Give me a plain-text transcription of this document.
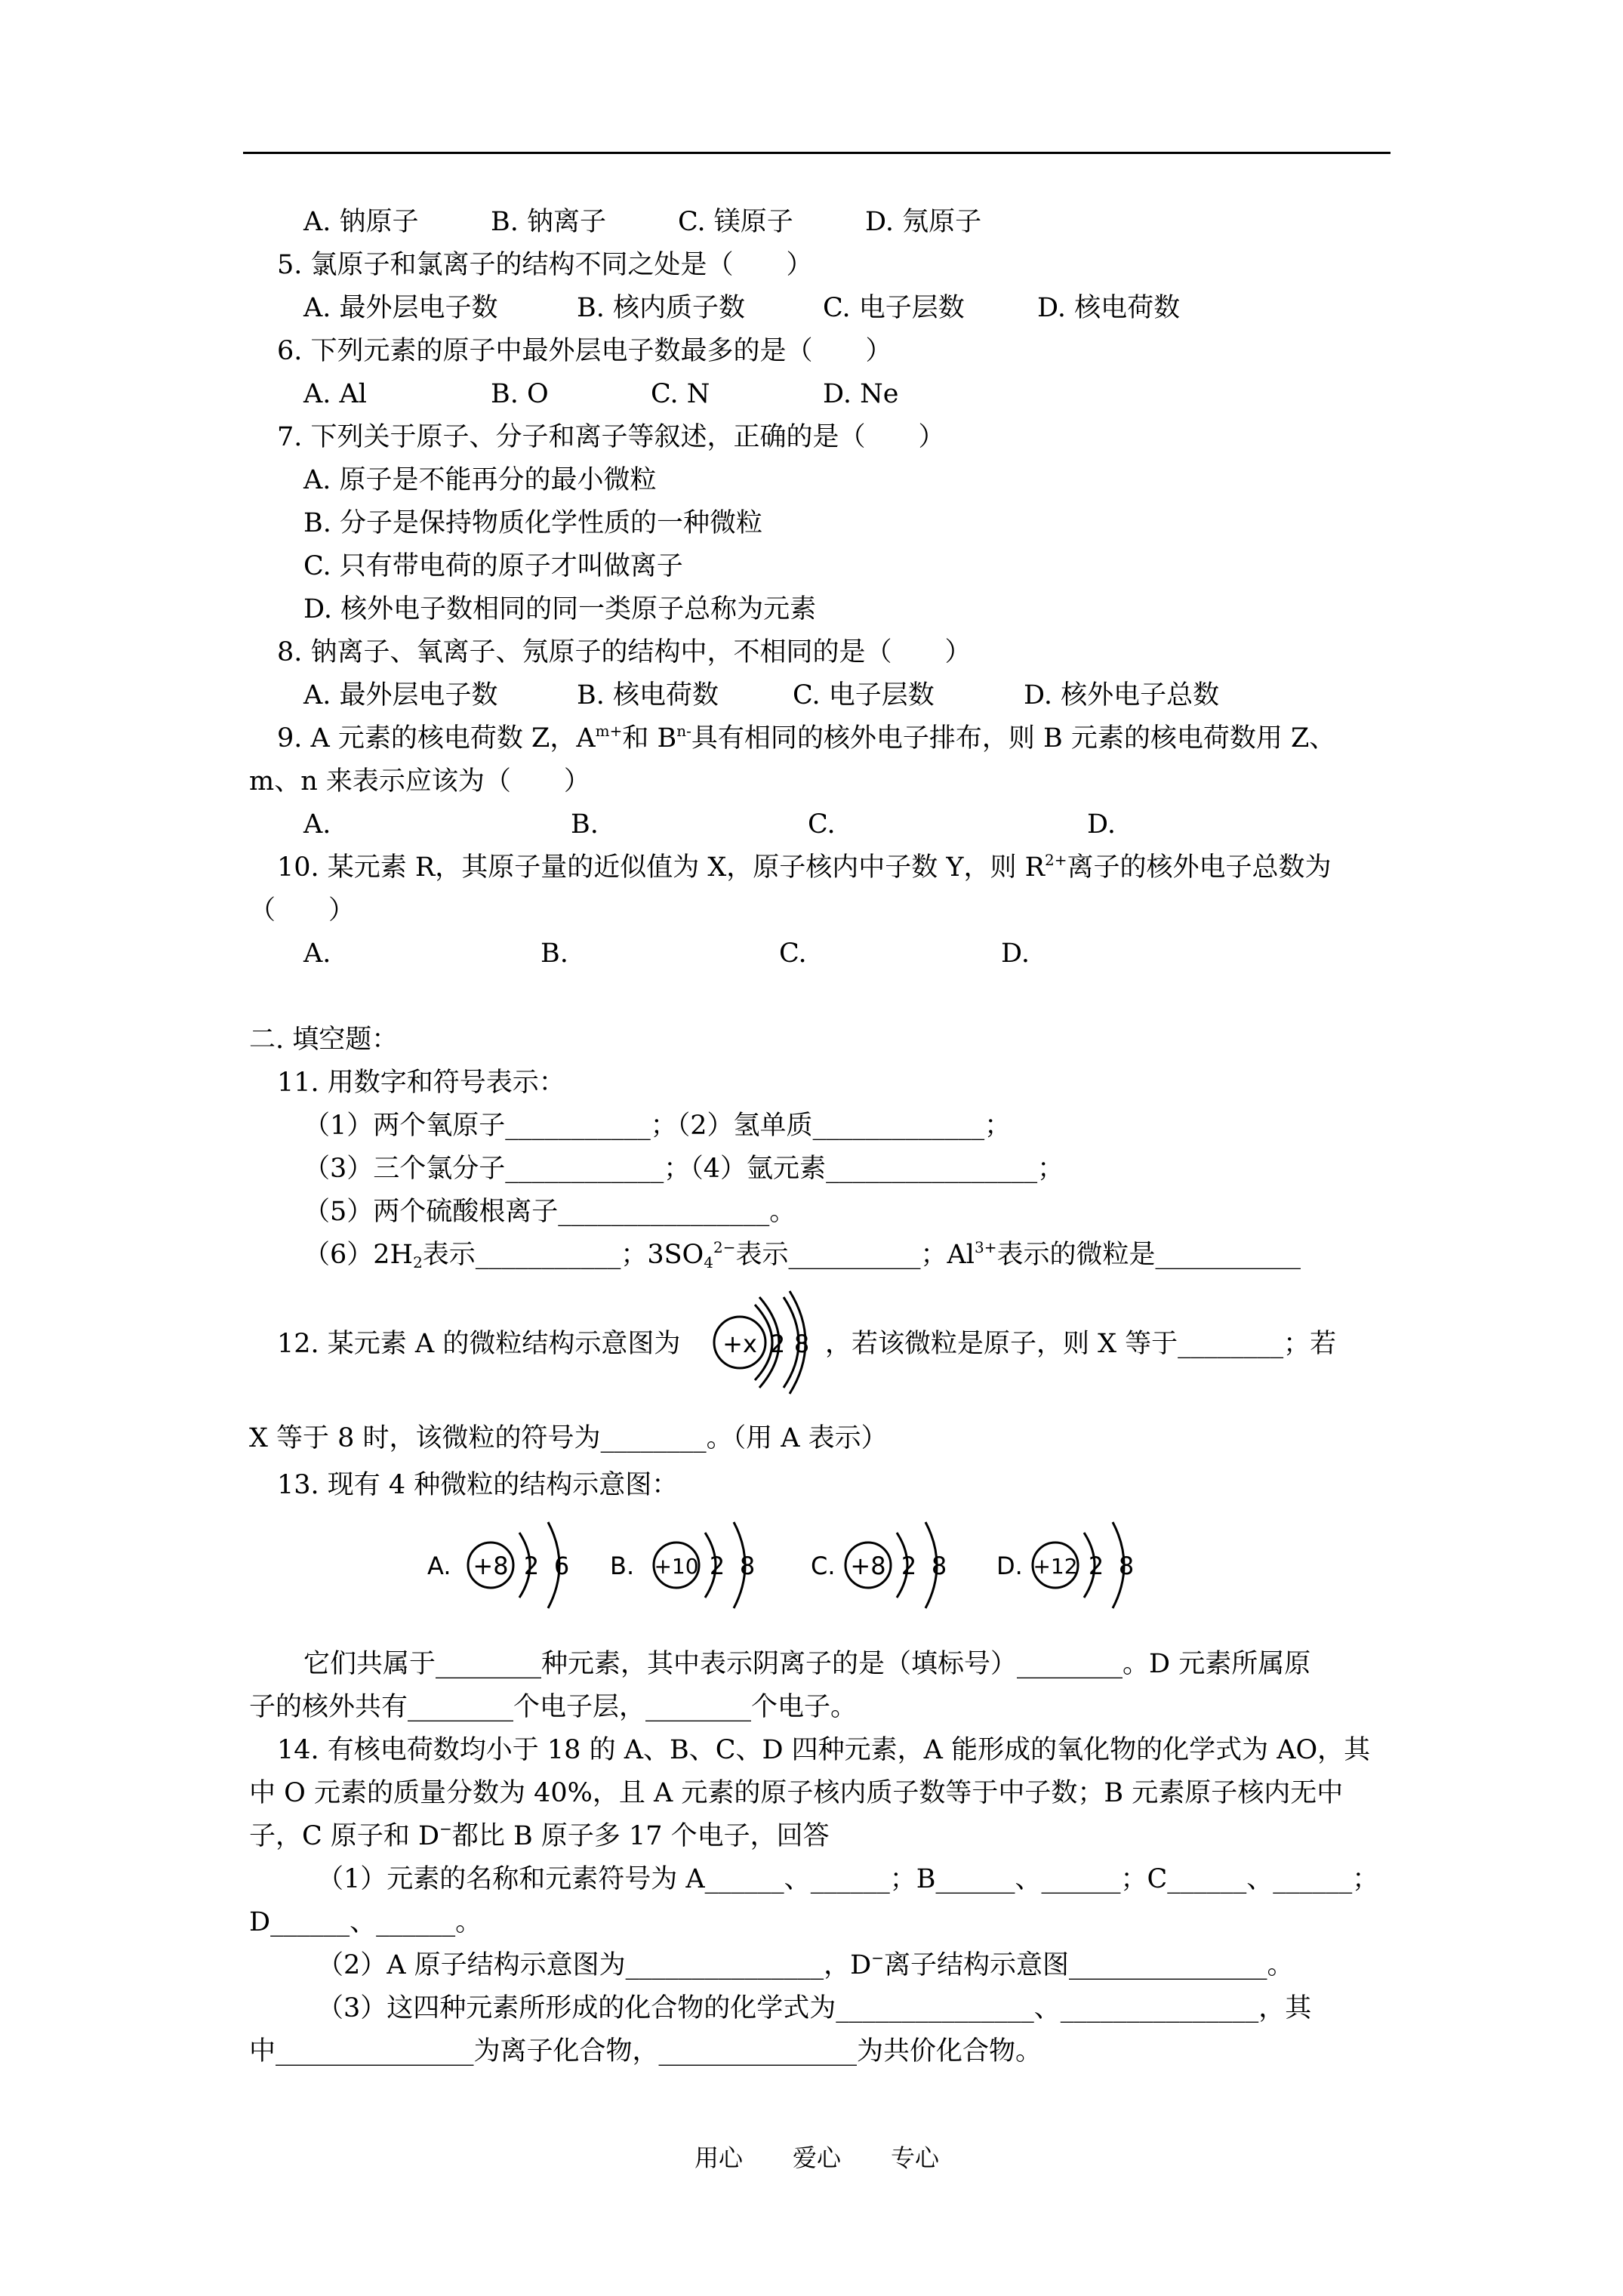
A. 钠原子	B. 钠离子	C. 镁原子	D. 氖原子
5. 氯原子和氯离子的结构不同之处是（　　）
A. 最外层电子数	B. 核内质子数	C. 电子层数	D. 核电荷数
6. 下列元素的原子中最外层电子数最多的是（　　）
A. Al	B. O	C. N	D. Ne
7. 下列关于原子、分子和离子等叙述，正确的是（　　）
A. 原子是不能再分的最小微粒
B. 分子是保持物质化学性质的一种微粒
C. 只有带电荷的原子才叫做离子
D. 核外电子数相同的同一类原子总称为元素
8. 钠离子、氧离子、氖原子的结构中，不相同的是（　　）
A. 最外层电子数	B. 核电荷数	C. 电子层数	D. 核外电子总数
9. A 元素的核电荷数 Z，$A^{m+}$和 $B^{n-}$具有相同的核外电子排布，则 B 元素的核电荷数用 Z、
m、n 来表示应该为（　　）
A.	B.	C.	D.
10. 某元素 R，其原子量的近似值为 X，原子核内中子数 Y，则 $R^{2+}$离子的核外电子总数为
（　　）
A.	B.	C.	D.
二. 填空题：
11. 用数字和符号表示：
（1）两个氧原子___________；（2）氢单质_____________；
（3）三个氯分子____________；（4）氩元素________________；
（5）两个硫酸根离子________________。
$(6)2H_2$表示___________；$3SO_4^{2-}$表示__________；$Al^{3+}$表示的微粒是___________
12. 某元素 A 的微粒结构示意图为 +x 2 8 ，若该微粒是原子，则 X 等于________；若
X 等于 8 时，该微粒的符号为________。（用 A 表示）
13. 现有 4 种微粒的结构示意图：
A. +8 2 6 B. +10 2 8 C. +8 2 8 D. +12 2 8
它们共属于________种元素，其中表示阴离子的是（填标号）________。D 元素所属原
子的核外共有________个电子层，________个电子。
14. 有核电荷数均小于 18 的 A、B、C、D 四种元素，A 能形成的氧化物的化学式为 AO，其
中 O 元素的质量分数为 40%，且 A 元素的原子核内质子数等于中子数；B 元素原子核内无中
子，C 原子和 D−都比 B 原子多 17 个电子，回答
（1）元素的名称和元素符号为 A______、______；B______、______；C______、______；
D______、______。
（2）A 原子结构示意图为_______________，D−离子结构示意图_______________。
（3）这四种元素所形成的化合物的化学式为_______________、_______________，其
中_______________为离子化合物，_______________为共价化合物。
用心 爱心 专心
